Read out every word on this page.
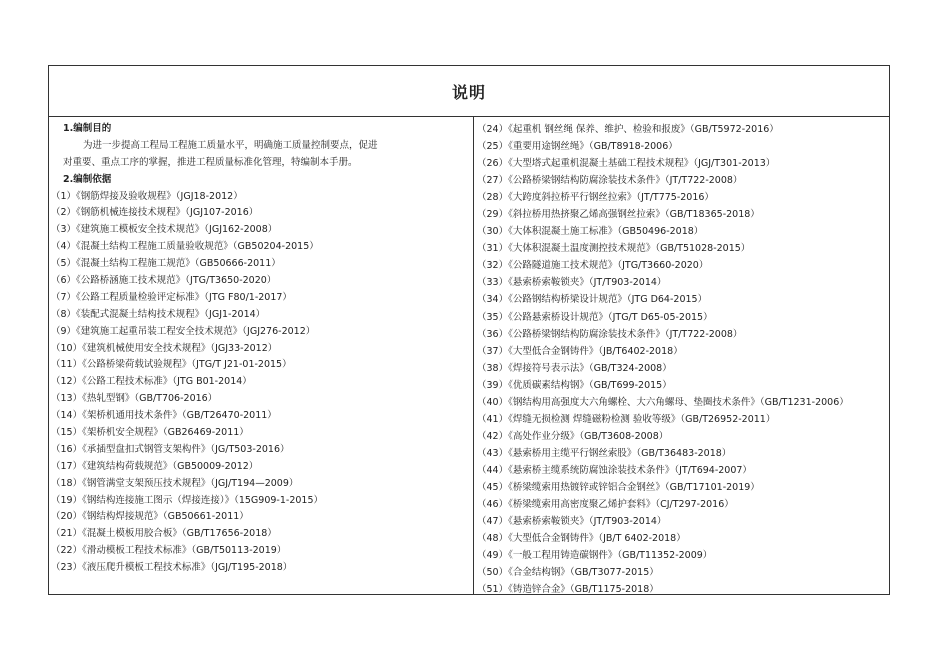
说明
1.编制目的
为进一步提高工程局工程施工质量水平，明确施工质量控制要点，促进
对重要、重点工序的掌握，推进工程质量标准化管理，特编制本手册。
2.编制依据
（1）《钢筋焊接及验收规程》（JGJ18-2012）
（2）《钢筋机械连接技术规程》（JGJ107-2016）
（3）《建筑施工模板安全技术规范》（JGJ162-2008）
（4）《混凝土结构工程施工质量验收规范》（GB50204-2015）
（5）《混凝土结构工程施工规范》（GB50666-2011）
（6）《公路桥涵施工技术规范》（JTG/T3650-2020）
（7）《公路工程质量检验评定标准》（JTG F80/1-2017）
（8）《装配式混凝土结构技术规程》（JGJ1-2014）
（9）《建筑施工起重吊装工程安全技术规范》（JGJ276-2012）
（10）《建筑机械使用安全技术规程》（JGJ33-2012）
（11）《公路桥梁荷载试验规程》（JTG/T J21-01-2015）
（12）《公路工程技术标准》（JTG B01-2014）
（13）《热轧型钢》（GB/T706-2016）
（14）《架桥机通用技术条件》（GB/T26470-2011）
（15）《架桥机安全规程》（GB26469-2011）
（16）《承插型盘扣式钢管支架构件》（JG/T503-2016）
（17）《建筑结构荷载规范》（GB50009-2012）
（18）《钢管满堂支架预压技术规程》（JGJ/T194—2009）
（19）《钢结构连接施工图示（焊接连接）》（15G909-1-2015）
（20）《钢结构焊接规范》（GB50661-2011）
（21）《混凝土模板用胶合板》（GB/T17656-2018）
（22）《滑动模板工程技术标准》（GB/T50113-2019）
（23）《液压爬升模板工程技术标准》（JGJ/T195-2018）
（24）《起重机 钢丝绳 保养、维护、检验和报废》（GB/T5972-2016）
（25）《重要用途钢丝绳》（GB/T8918-2006）
（26）《大型塔式起重机混凝土基础工程技术规程》（JGJ/T301-2013）
（27）《公路桥梁钢结构防腐涂装技术条件》（JT/T722-2008）
（28）《大跨度斜拉桥平行钢丝拉索》（JT/T775-2016）
（29）《斜拉桥用热挤聚乙烯高强钢丝拉索》（GB/T18365-2018）
（30）《大体积混凝土施工标准》（GB50496-2018）
（31）《大体积混凝土温度测控技术规范》（GB/T51028-2015）
（32）《公路隧道施工技术规范》（JTG/T3660-2020）
（33）《悬索桥索鞍锁夹》（JT/T903-2014）
（34）《公路钢结构桥梁设计规范》（JTG D64-2015）
（35）《公路悬索桥设计规范》（JTG/T D65-05-2015）
（36）《公路桥梁钢结构防腐涂装技术条件》（JT/T722-2008）
（37）《大型低合金钢铸件》（JB/T6402-2018）
（38）《焊接符号表示法》（GB/T324-2008）
（39）《优质碳素结构钢》（GB/T699-2015）
（40）《钢结构用高强度大六角螺栓、大六角螺母、垫圈技术条件》（GB/T1231-2006）
（41）《焊缝无损检测 焊缝磁粉检测 验收等级》（GB/T26952-2011）
（42）《高处作业分级》（GB/T3608-2008）
（43）《悬索桥用主缆平行钢丝索股》（GB/T36483-2018）
（44）《悬索桥主缆系统防腐蚀涂装技术条件》（JT/T694-2007）
（45）《桥梁缆索用热镀锌或锌铝合金钢丝》（GB/T17101-2019）
（46）《桥梁缆索用高密度聚乙烯护套料》（CJ/T297-2016）
（47）《悬索桥索鞍锁夹》（JT/T903-2014）
（48）《大型低合金钢铸件》（JB/T 6402-2018）
（49）《一般工程用铸造碳钢件》（GB/T11352-2009）
（50）《合金结构钢》（GB/T3077-2015）
（51）《铸造锌合金》（GB/T1175-2018）
